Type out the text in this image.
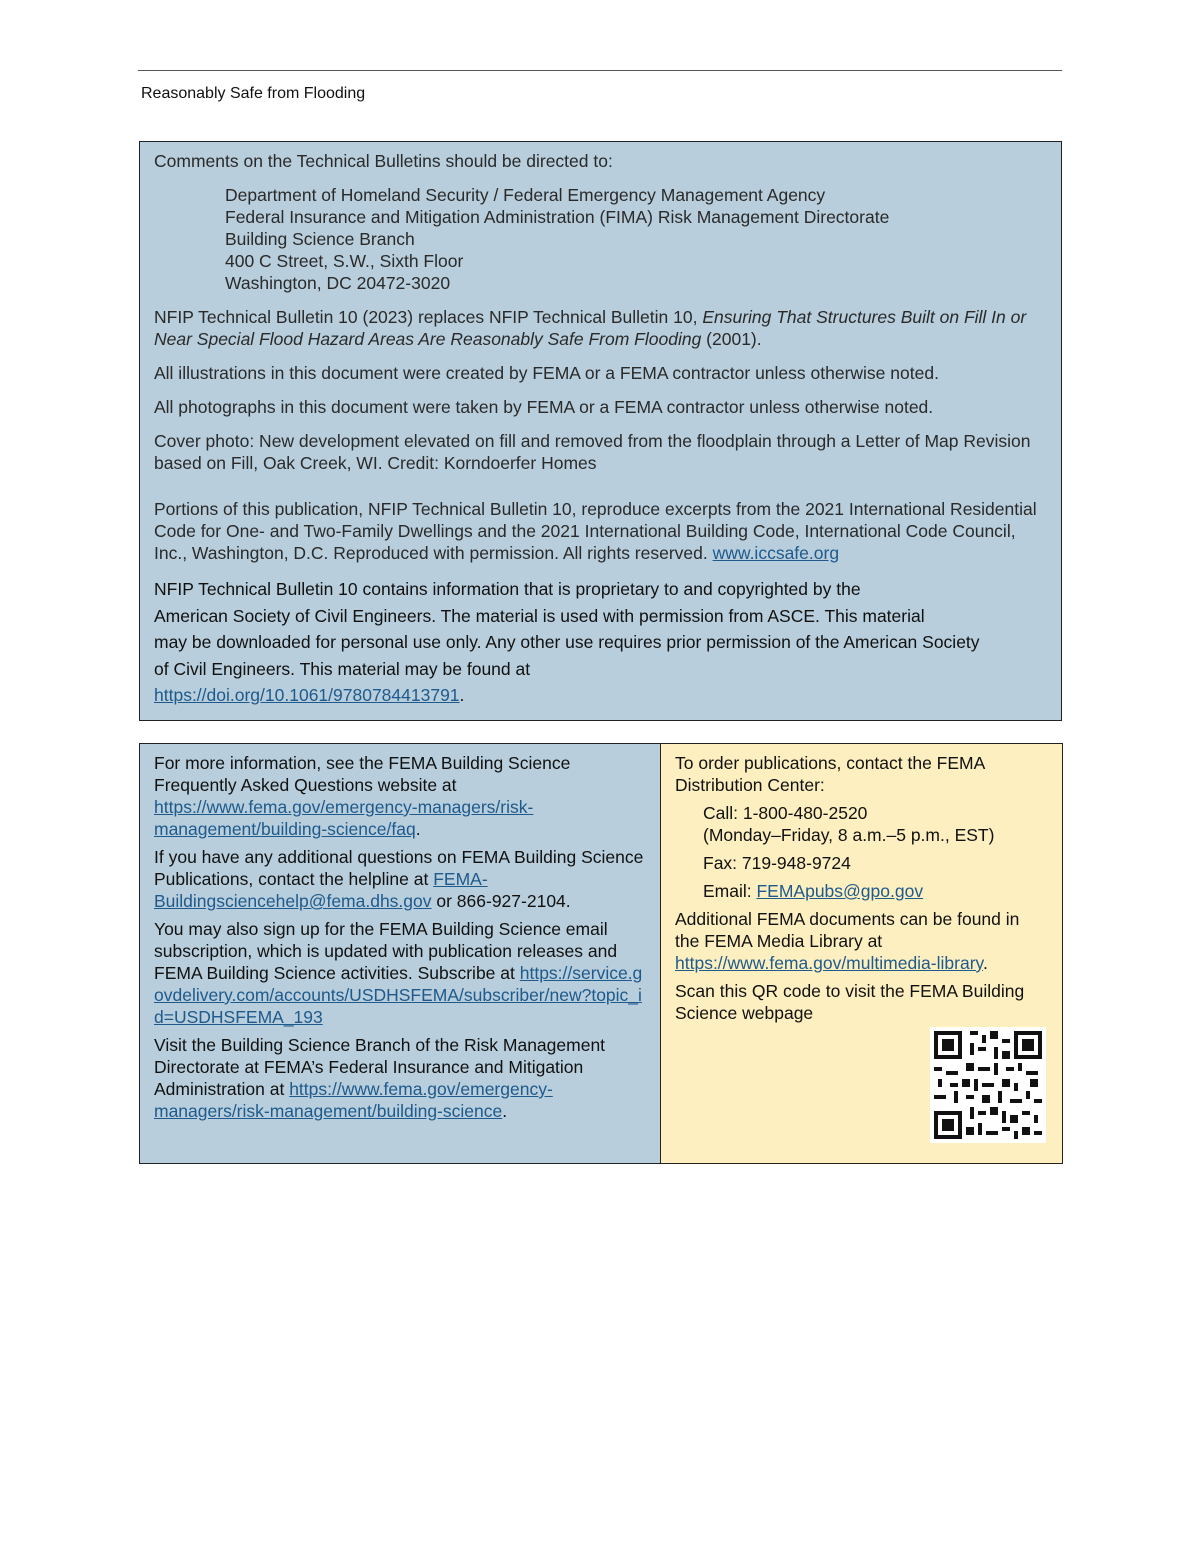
Reasonably Safe from Flooding

Comments on the Technical Bulletins should be directed to:

Department of Homeland Security / Federal Emergency Management Agency
Federal Insurance and Mitigation Administration (FIMA) Risk Management Directorate
Building Science Branch
400 C Street, S.W., Sixth Floor
Washington, DC 20472-3020

NFIP Technical Bulletin 10 (2023) replaces NFIP Technical Bulletin 10, Ensuring That Structures Built on Fill In or Near Special Flood Hazard Areas Are Reasonably Safe From Flooding (2001).

All illustrations in this document were created by FEMA or a FEMA contractor unless otherwise noted.

All photographs in this document were taken by FEMA or a FEMA contractor unless otherwise noted.

Cover photo: New development elevated on fill and removed from the floodplain through a Letter of Map Revision based on Fill, Oak Creek, WI. Credit: Korndoerfer Homes

Portions of this publication, NFIP Technical Bulletin 10, reproduce excerpts from the 2021 International Residential Code for One- and Two-Family Dwellings and the 2021 International Building Code, International Code Council, Inc., Washington, D.C. Reproduced with permission. All rights reserved. www.iccsafe.org

NFIP Technical Bulletin 10 contains information that is proprietary to and copyrighted by the
American Society of Civil Engineers. The material is used with permission from ASCE. This material
may be downloaded for personal use only. Any other use requires prior permission of the American Society
of Civil Engineers. This material may be found at
https://doi.org/10.1061/9780784413791.

For more information, see the FEMA Building Science Frequently Asked Questions website at https://www.fema.gov/emergency-managers/risk-management/building-science/faq.

If you have any additional questions on FEMA Building Science Publications, contact the helpline at FEMA-Buildingsciencehelp@fema.dhs.gov or 866-927-2104.

You may also sign up for the FEMA Building Science email subscription, which is updated with publication releases and FEMA Building Science activities. Subscribe at https://service.govdelivery.com/accounts/USDHSFEMA/subscriber/new?topic_id=USDHSFEMA_193

Visit the Building Science Branch of the Risk Management Directorate at FEMA’s Federal Insurance and Mitigation Administration at https://www.fema.gov/emergency-managers/risk-management/building-science.

To order publications, contact the FEMA Distribution Center:

Call: 1-800-480-2520
(Monday–Friday, 8 a.m.–5 p.m., EST)

Fax: 719-948-9724

Email: FEMApubs@gpo.gov

Additional FEMA documents can be found in the FEMA Media Library at https://www.fema.gov/multimedia-library.

Scan this QR code to visit the FEMA Building Science webpage
